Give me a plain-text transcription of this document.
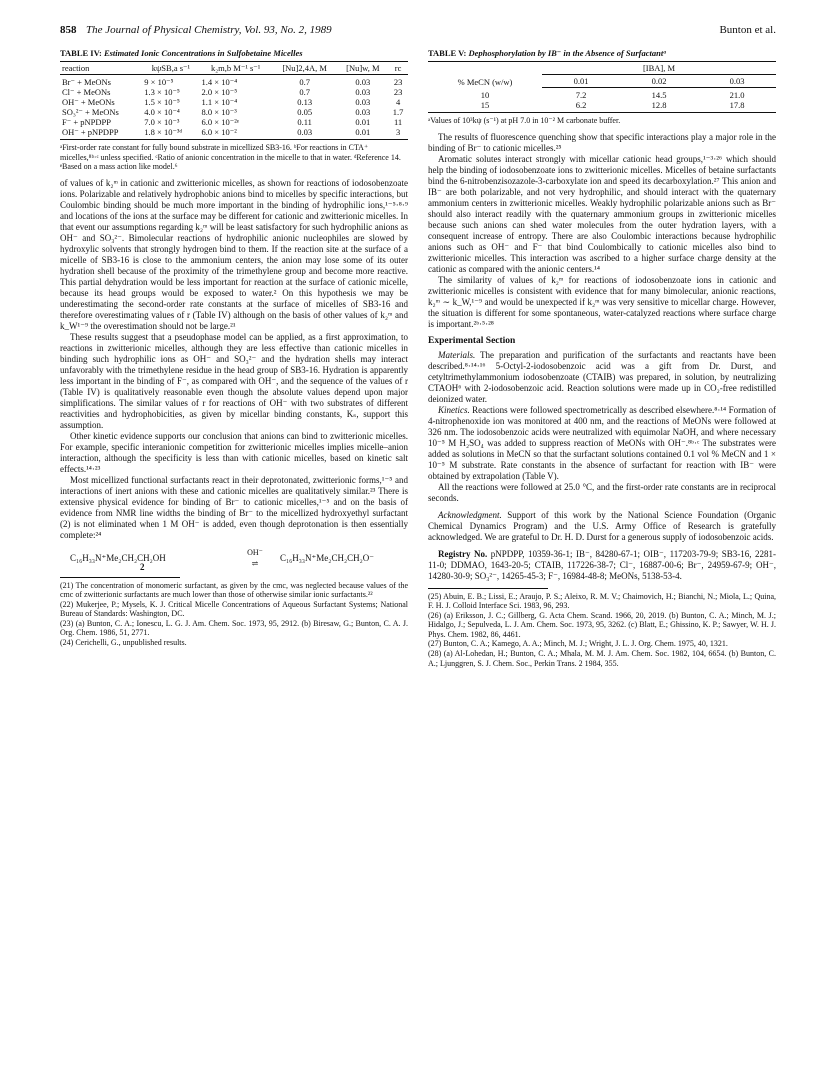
858 The Journal of Physical Chemistry, Vol. 93, No. 2, 1989	Bunton et al.
TABLE IV: Estimated Ionic Concentrations in Sulfobetaine Micelles
reaction	kψSB,a s⁻¹	k₂m,b M⁻¹ s⁻¹	[Nu]2,4A, M	[Nu]w, M	rc
Br⁻ + MeONs	9 × 10⁻⁵	1.4 × 10⁻⁴	0.7	0.03	23
Cl⁻ + MeONs	1.3 × 10⁻⁵	2.0 × 10⁻⁵	0.7	0.03	23
OH⁻ + MeONs	1.5 × 10⁻⁵	1.1 × 10⁻⁴	0.13	0.03	4
SO₃²⁻ + MeONs	4.0 × 10⁻⁴	8.0 × 10⁻³	0.05	0.03	1.7
F⁻ + pNPDPP	7.0 × 10⁻³	6.0 × 10⁻²ᵉ	0.11	0.01	11
OH⁻ + pNPDPP	1.8 × 10⁻³ᵈ	6.0 × 10⁻²	0.03	0.01	3
ᵃFirst-order rate constant for fully bound substrate in micellized SB3-16. ᵇFor reactions in CTA⁺ micelles,⁸ᵇ·ᶜ unless specified. ᶜRatio of anionic concentration in the micelle to that in water. ᵈReference 14. ᵉBased on a mass action like model.⁶

of values of k₂ᵐ in cationic and zwitterionic micelles, as shown for reactions of iodosobenzoate ions. Polarizable and relatively hydrophobic anions bind to micelles by specific interactions, but Coulombic binding should be much more important in the binding of hydrophilic ions,¹⁻⁵·⁸·⁹ and locations of the ions at the surface may be different for cationic and zwitterionic micelles. In that event our assumptions regarding k₂ᵐ will be least satisfactory for such hydrophilic anions as OH⁻ and SO₃²⁻. Bimolecular reactions of hydrophilic anionic nucleophiles are slowed by hydroxylic solvents that strongly hydrogen bind to them. If the reaction site at the surface of a micelle of SB3-16 is close to the ammonium centers, the anion may lose some of its outer hydration shell because of the proximity of the trimethylene group and become more reactive. This partial dehydration would be less important for reaction at the surface of cationic micelle, because its head groups would be exposed to water.² On this hypothesis we may be underestimating the second-order rate constants at the surface of micelles of SB3-16 and therefore overestimating values of r (Table IV) although on the basis of other values of k₂ᵐ and k_W¹⁻⁹ the overestimation should not be large.²¹

These results suggest that a pseudophase model can be applied, as a first approximation, to reactions in zwitterionic micelles, although they are less effective than cationic micelles in binding such hydrophilic ions as OH⁻ and SO₃²⁻ and the hydration shells may interact unfavorably with the trimethylene residue in the head group of SB3-16. Hydration is apparently less important in the binding of F⁻, as compared with OH⁻, and the sequence of the values of r (Table IV) is qualitatively reasonable even though the absolute values depend upon major simplifications. The similar values of r for reactions of OH⁻ with two substrates of different reactivities and hydrophobicities, as given by micellar binding constants, Kₛ, support this assumption.

Other kinetic evidence supports our conclusion that anions can bind to zwitterionic micelles. For example, specific interanionic competition for zwitterionic micelles implies micelle–anion interaction, although the specificity is less than with cationic micelles, based on kinetic salt effects.¹⁴·²³

Most micellized functional surfactants react in their deprotonated, zwitterionic forms,¹⁻⁵ and interactions of inert anions with these and cationic micelles are qualitatively similar.²³ There is extensive physical evidence for binding of Br⁻ to cationic micelles,¹⁻⁵ and on the basis of evidence from NMR line widths the binding of Br⁻ to the micellized hydroxyethyl surfactant (2) is not eliminated when 1 M OH⁻ is added, even though deprotonation is then essentially complete:²⁴

C₁₆H₃₃N⁺Me₂CH₂CH₂OH
OH⁻
⇌
C₁₆H₃₃N⁺Me₂CH₂CH₂O⁻
2
(21) The concentration of monomeric surfactant, as given by the cmc, was neglected because values of the cmc of zwitterionic surfactants are much lower than those of otherwise similar ionic surfactants.²²
(22) Mukerjee, P.; Mysels, K. J. Critical Micelle Concentrations of Aqueous Surfactant Systems; National Bureau of Standards: Washington, DC.
(23) (a) Bunton, C. A.; Ionescu, L. G. J. Am. Chem. Soc. 1973, 95, 2912. (b) Biresaw, G.; Bunton, C. A. J. Org. Chem. 1986, 51, 2771.
(24) Cerichelli, G., unpublished results.
TABLE V: Dephosphorylation by IB⁻ in the Absence of Surfactantᵃ
% MeCN (w/w)	[IBA], M		
	0.01	0.02	0.03
10	7.2	14.5	21.0
15	6.2	12.8	17.8
ᵃValues of 10³kψ (s⁻¹) at pH 7.0 in 10⁻² M carbonate buffer.

The results of fluorescence quenching show that specific interactions play a major role in the binding of Br⁻ to cationic micelles.²⁵

Aromatic solutes interact strongly with micellar cationic head groups,¹⁻³·²⁶ which should help the binding of iodosobenzoate ions to zwitterionic micelles. Micelles of betaine surfactants bind the 6-nitrobenzisozazole-3-carboxylate ion and speed its decarboxylation.²⁷ This anion and IB⁻ are both polarizable, and not very hydrophilic, and should interact with the quaternary ammonium centers in zwitterionic micelles. Weakly hydrophilic polarizable anions such as Br⁻ should also interact readily with the quaternary ammonium groups in zwitterionic micelles because such anions can shed water molecules from the outer hydration layers, with a consequent increase of entropy. There are also Coulombic interactions because hydrophilic anions such as OH⁻ and F⁻ that bind Coulombically to cationic micelles also bind to zwitterionic micelles. This interaction was ascribed to a higher surface charge density at the cationic as compared with the anionic centers.¹⁴

The similarity of values of k₂ᵐ for reactions of iodosobenzoate ions in cationic and zwitterionic micelles is consistent with evidence that for many bimolecular, anionic reactions, k₂ᵐ ∼ k_W,¹⁻⁹ and would be unexpected if k₂ᵐ was very sensitive to micellar charge. However, the situation is different for some spontaneous, water-catalyzed reactions where surface charge is important.²ᵇ·⁵·²⁸

Experimental Section

Materials. The preparation and purification of the surfactants and reactants have been described.⁸·¹⁴·¹⁶ 5-Octyl-2-iodosobenzoic acid was a gift from Dr. Durst, and cetyltrimethylammonium iodosobenzoate (CTAIB) was prepared, in solution, by neutralizing CTAOH⁶ with 2-iodosobenzoic acid. Reaction solutions were made up in CO₂-free redistilled deionized water.

Kinetics. Reactions were followed spectrometrically as described elsewhere.⁸·¹⁴ Formation of 4-nitrophenoxide ion was monitored at 400 nm, and the reactions of MeONs were followed at 326 nm. The iodosobenzoic acids were neutralized with equimolar NaOH, and where necessary 10⁻⁵ M H₂SO₄ was added to suppress reaction of MeONs with OH⁻.⁸ᵇ·ᶜ The substrates were added as solutions in MeCN so that the surfactant solutions contained 0.1 vol % MeCN and 1 × 10⁻⁵ M substrate. Rate constants in the absence of surfactant for reaction with IB⁻ were obtained by extrapolation (Table V).

All the reactions were followed at 25.0 °C, and the first-order rate constants are in reciprocal seconds.

Acknowledgment. Support of this work by the National Science Foundation (Organic Chemical Dynamics Program) and the U.S. Army Office of Research is gratefully acknowledged. We are grateful to Dr. H. D. Durst for a generous supply of iodosobenzoic acids.

Registry No. pNPDPP, 10359-36-1; IB⁻, 84280-67-1; OIB⁻, 117203-79-9; SB3-16, 2281-11-0; DDMAO, 1643-20-5; CTAIB, 117226-38-7; Cl⁻, 16887-00-6; Br⁻, 24959-67-9; OH⁻, 14280-30-9; SO₃²⁻, 14265-45-3; F⁻, 16984-48-8; MeONs, 5138-53-4.

(25) Abuin, E. B.; Lissi, E.; Araujo, P. S.; Aleixo, R. M. V.; Chaimovich, H.; Bianchi, N.; Miola, L.; Quina, F. H. J. Colloid Interface Sci. 1983, 96, 293.
(26) (a) Eriksson, J. C.; Gillberg, G. Acta Chem. Scand. 1966, 20, 2019. (b) Bunton, C. A.; Minch, M. J.; Hidalgo, J.; Sepulveda, L. J. Am. Chem. Soc. 1973, 95, 3262. (c) Blatt, E.; Ghissino, K. P.; Sawyer, W. H. J. Phys. Chem. 1982, 86, 4461.
(27) Bunton, C. A.; Kamego, A. A.; Minch, M. J.; Wright, J. L. J. Org. Chem. 1975, 40, 1321.
(28) (a) Al-Lohedan, H.; Bunton, C. A.; Mhala, M. M. J. Am. Chem. Soc. 1982, 104, 6654. (b) Bunton, C. A.; Ljunggren, S. J. Chem. Soc., Perkin Trans. 2 1984, 355.
